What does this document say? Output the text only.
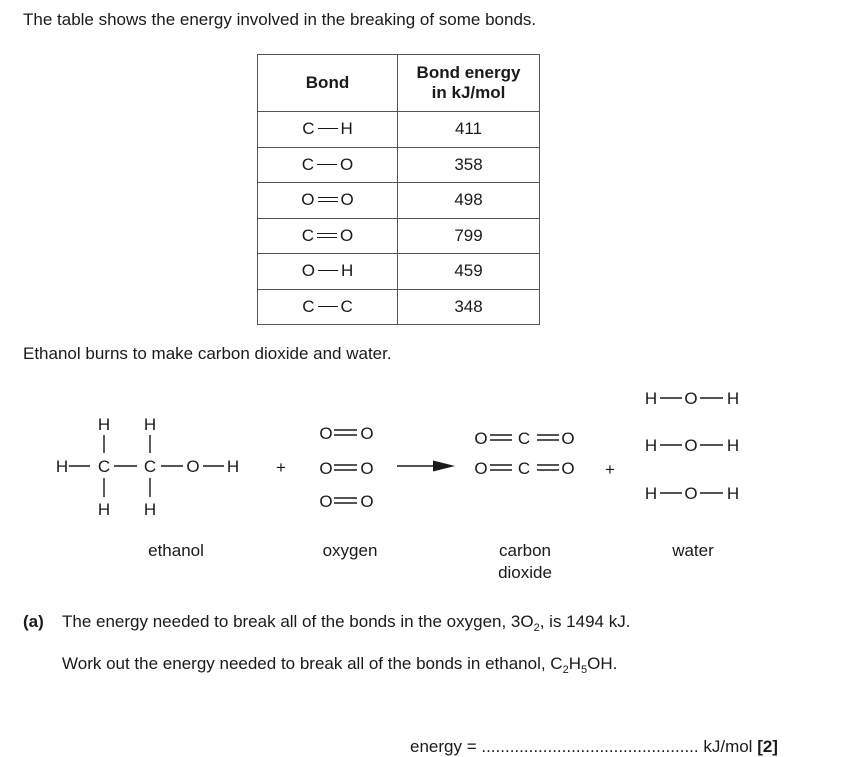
The table shows the energy involved in the breaking of some bonds.
Bond	Bond energy
in kJ/mol
C H	411
C O	358
O O	498
C O	799
O H	459
C C	348
Ethanol burns to make carbon dioxide and water.
H H
H C C O H
H H
+
O O
O O
O O
O C O
O C O +
H O H
H O H
H O H
ethanol	oxygen	carbon
dioxide
water
(a) The energy needed to break all of the bonds in the oxygen, $3O_2$, is 1494 kJ.
Work out the energy needed to break all of the bonds in ethanol, $C_2H_5OH$.
energy = .............................................. kJ/mol [2]
